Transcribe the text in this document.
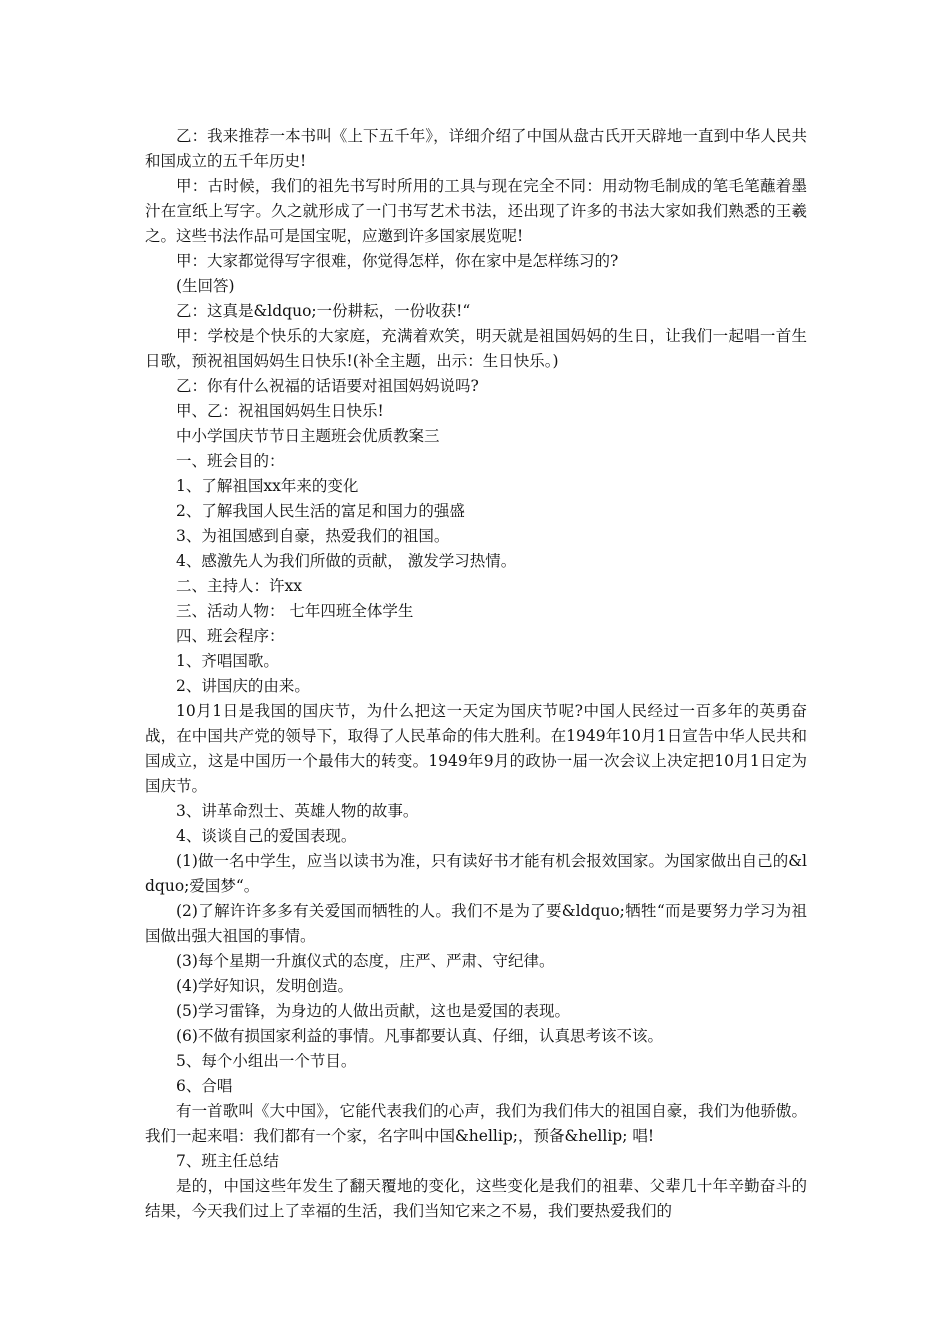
乙：我来推荐一本书叫《上下五千年》，详细介绍了中国从盘古氏开天辟地一直到中华人民共和国成立的五千年历史!

甲：古时候，我们的祖先书写时所用的工具与现在完全不同：用动物毛制成的笔毛笔蘸着墨汁在宣纸上写字。久之就形成了一门书写艺术书法，还出现了许多的书法大家如我们熟悉的王羲之。这些书法作品可是国宝呢，应邀到许多国家展览呢!

甲：大家都觉得写字很难，你觉得怎样，你在家中是怎样练习的?

(生回答)

乙：这真是&ldquo;一份耕耘，一份收获!“

甲：学校是个快乐的大家庭，充满着欢笑，明天就是祖国妈妈的生日，让我们一起唱一首生日歌，预祝祖国妈妈生日快乐!(补全主题，出示：生日快乐。)

乙：你有什么祝福的话语要对祖国妈妈说吗?

甲、乙：祝祖国妈妈生日快乐!

中小学国庆节节日主题班会优质教案三

一、班会目的：

1、了解祖国xx年来的变化

2、了解我国人民生活的富足和国力的强盛

3、为祖国感到自豪，热爱我们的祖国。

4、感激先人为我们所做的贡献， 激发学习热情。

二、主持人：许xx

三、活动人物： 七年四班全体学生

四、班会程序：

1、齐唱国歌。

2、讲国庆的由来。

10月1日是我国的国庆节，为什么把这一天定为国庆节呢?中国人民经过一百多年的英勇奋战，在中国共产党的领导下，取得了人民革命的伟大胜利。在1949年10月1日宣告中华人民共和国成立，这是中国历一个最伟大的转变。1949年9月的政协一届一次会议上决定把10月1日定为国庆节。

3、讲革命烈士、英雄人物的故事。

4、谈谈自己的爱国表现。

(1)做一名中学生，应当以读书为准，只有读好书才能有机会报效国家。为国家做出自己的&ldquo;爱国梦“。

(2)了解许许多多有关爱国而牺牲的人。我们不是为了要&ldquo;牺牲“而是要努力学习为祖国做出强大祖国的事情。

(3)每个星期一升旗仪式的态度，庄严、严肃、守纪律。

(4)学好知识，发明创造。

(5)学习雷锋，为身边的人做出贡献，这也是爱国的表现。

(6)不做有损国家利益的事情。凡事都要认真、仔细，认真思考该不该。

5、每个小组出一个节目。

6、合唱

有一首歌叫《大中国》，它能代表我们的心声，我们为我们伟大的祖国自豪，我们为他骄傲。我们一起来唱：我们都有一个家，名字叫中国&hellip;，预备&hellip; 唱!

7、班主任总结

是的，中国这些年发生了翻天覆地的变化，这些变化是我们的祖辈、父辈几十年辛勤奋斗的结果，今天我们过上了幸福的生活，我们当知它来之不易，我们要热爱我们的
